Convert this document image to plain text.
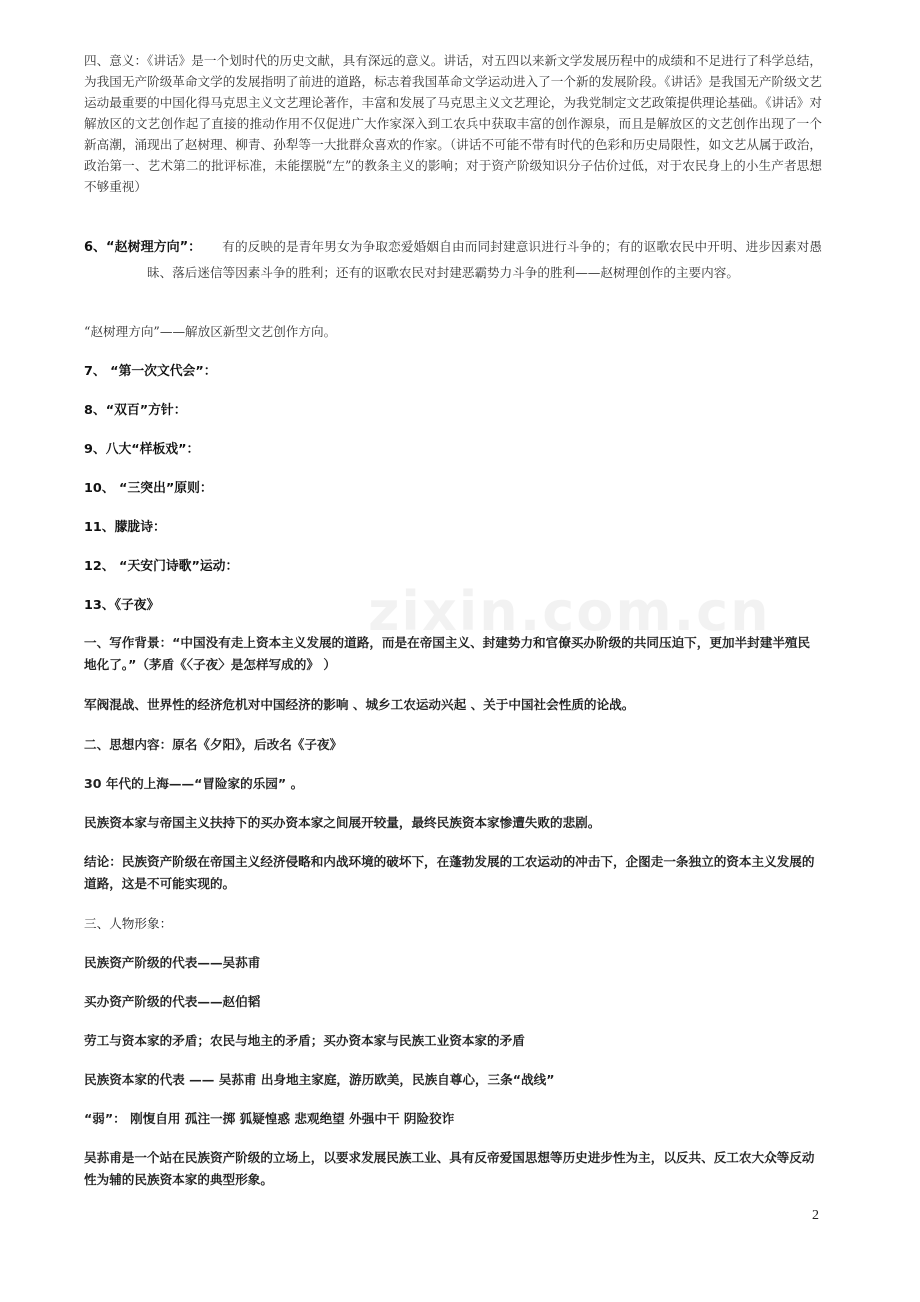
四、意义：《讲话》是一个划时代的历史文献，具有深远的意义。讲话，对五四以来新文学发展历程中的成绩和不足进行了科学总结，为我国无产阶级革命文学的发展指明了前进的道路，标志着我国革命文学运动进入了一个新的发展阶段。《讲话》是我国无产阶级文艺运动最重要的中国化得马克思主义文艺理论著作，丰富和发展了马克思主义文艺理论，为我党制定文艺政策提供理论基础。《讲话》对解放区的文艺创作起了直接的推动作用不仅促进广大作家深入到工农兵中获取丰富的创作源泉，而且是解放区的文艺创作出现了一个新高潮，涌现出了赵树理、柳青、孙犁等一大批群众喜欢的作家。（讲话不可能不带有时代的色彩和历史局限性，如文艺从属于政治，政治第一、艺术第二的批评标准，未能摆脱“左”的教条主义的影响；对于资产阶级知识分子估价过低，对于农民身上的小生产者思想不够重视）

6、“赵树理方向”：	有的反映的是青年男女为争取恋爱婚姻自由而同封建意识进行斗争的；有的讴歌农民中开明、进步因素对愚昧、落后迷信等因素斗争的胜利；还有的讴歌农民对封建恶霸势力斗争的胜利——赵树理创作的主要内容。

“赵树理方向”——解放区新型文艺创作方向。

7、 “第一次文代会”：

8、“双百”方针：

9、八大“样板戏”：

10、 “三突出”原则：

11、朦胧诗：

12、 “天安门诗歌”运动：

13、《子夜》

一、写作背景：“中国没有走上资本主义发展的道路，而是在帝国主义、封建势力和官僚买办阶级的共同压迫下，更加半封建半殖民地化了。”（茅盾《〈子夜〉是怎样写成的》 ）

军阀混战、世界性的经济危机对中国经济的影响 、城乡工农运动兴起 、关于中国社会性质的论战。

二、思想内容：原名《夕阳》，后改名《子夜》

30 年代的上海——“冒险家的乐园” 。

民族资本家与帝国主义扶持下的买办资本家之间展开较量，最终民族资本家惨遭失败的悲剧。

结论：民族资产阶级在帝国主义经济侵略和内战环境的破坏下，在蓬勃发展的工农运动的冲击下，企图走一条独立的资本主义发展的道路，这是不可能实现的。

三、人物形象：

民族资产阶级的代表——吴荪甫

买办资产阶级的代表——赵伯韬

劳工与资本家的矛盾；农民与地主的矛盾；买办资本家与民族工业资本家的矛盾

民族资本家的代表 —— 吴荪甫 出身地主家庭，游历欧美，民族自尊心，三条“战线”

“弱”： 刚愎自用 孤注一掷 狐疑惶惑 悲观绝望 外强中干 阴险狡诈

吴荪甫是一个站在民族资产阶级的立场上，以要求发展民族工业、具有反帝爱国思想等历史进步性为主，以反共、反工农大众等反动性为辅的民族资本家的典型形象。

zixin.com.cn
2
